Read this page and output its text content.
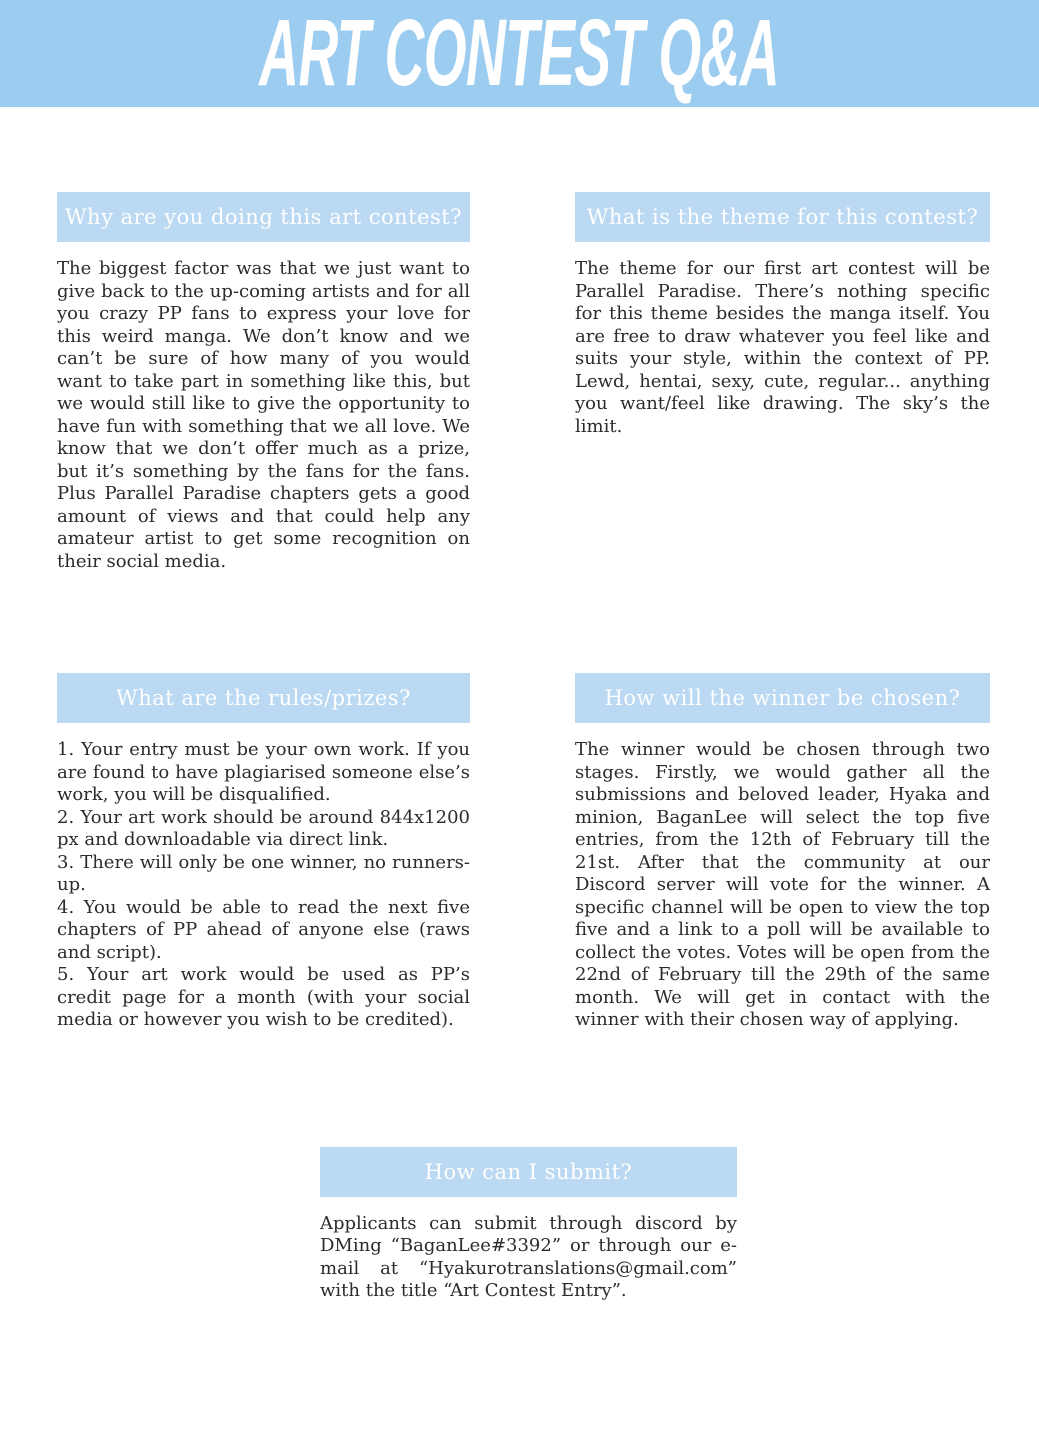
ART CONTEST Q&A
Why are you doing this art contest?

The biggest factor was that we just want to give back to the up-coming artists and for all you crazy PP fans to express your love for this weird manga. We don’t know and we can’t be sure of how many of you would want to take part in something like this, but we would still like to give the opportunity to have fun with something that we all love. We know that we don’t offer much as a prize, but it’s something by the fans for the fans. Plus Parallel Paradise chapters gets a good amount of views and that could help any amateur artist to get some recognition on their social media.

What is the theme for this contest?

The theme for our first art contest will be Parallel Paradise. There’s nothing specific for this theme besides the manga itself. You are free to draw whatever you feel like and suits your style, within the context of PP. Lewd, hentai, sexy, cute, regular... anything you want/feel like drawing. The sky’s the limit.

What are the rules/prizes?

1. Your entry must be your own work. If you are found to have plagiarised someone else’s work, you will be disqualified.

2. Your art work should be around 844x1200 px and downloadable via direct link.

3. There will only be one winner, no runners-up.

4. You would be able to read the next five chapters of PP ahead of anyone else (raws and script).

5. Your art work would be used as PP’s credit page for a month (with your social media or however you wish to be credited).

How will the winner be chosen?

The winner would be chosen through two stages. Firstly, we would gather all the submissions and beloved leader, Hyaka and minion, BaganLee will select the top five entries, from the 12th of February till the 21st. After that the community at our Discord server will vote for the winner. A specific channel will be open to view the top five and a link to a poll will be available to collect the votes. Votes will be open from the 22nd of February till the 29th of the same month. We will get in contact with the winner with their chosen way of applying.

How can I submit?

Applicants can submit through discord by DMing “BaganLee#3392” or through our e-mail at “Hyakurotranslations@gmail.com” with the title “Art Contest Entry”.
